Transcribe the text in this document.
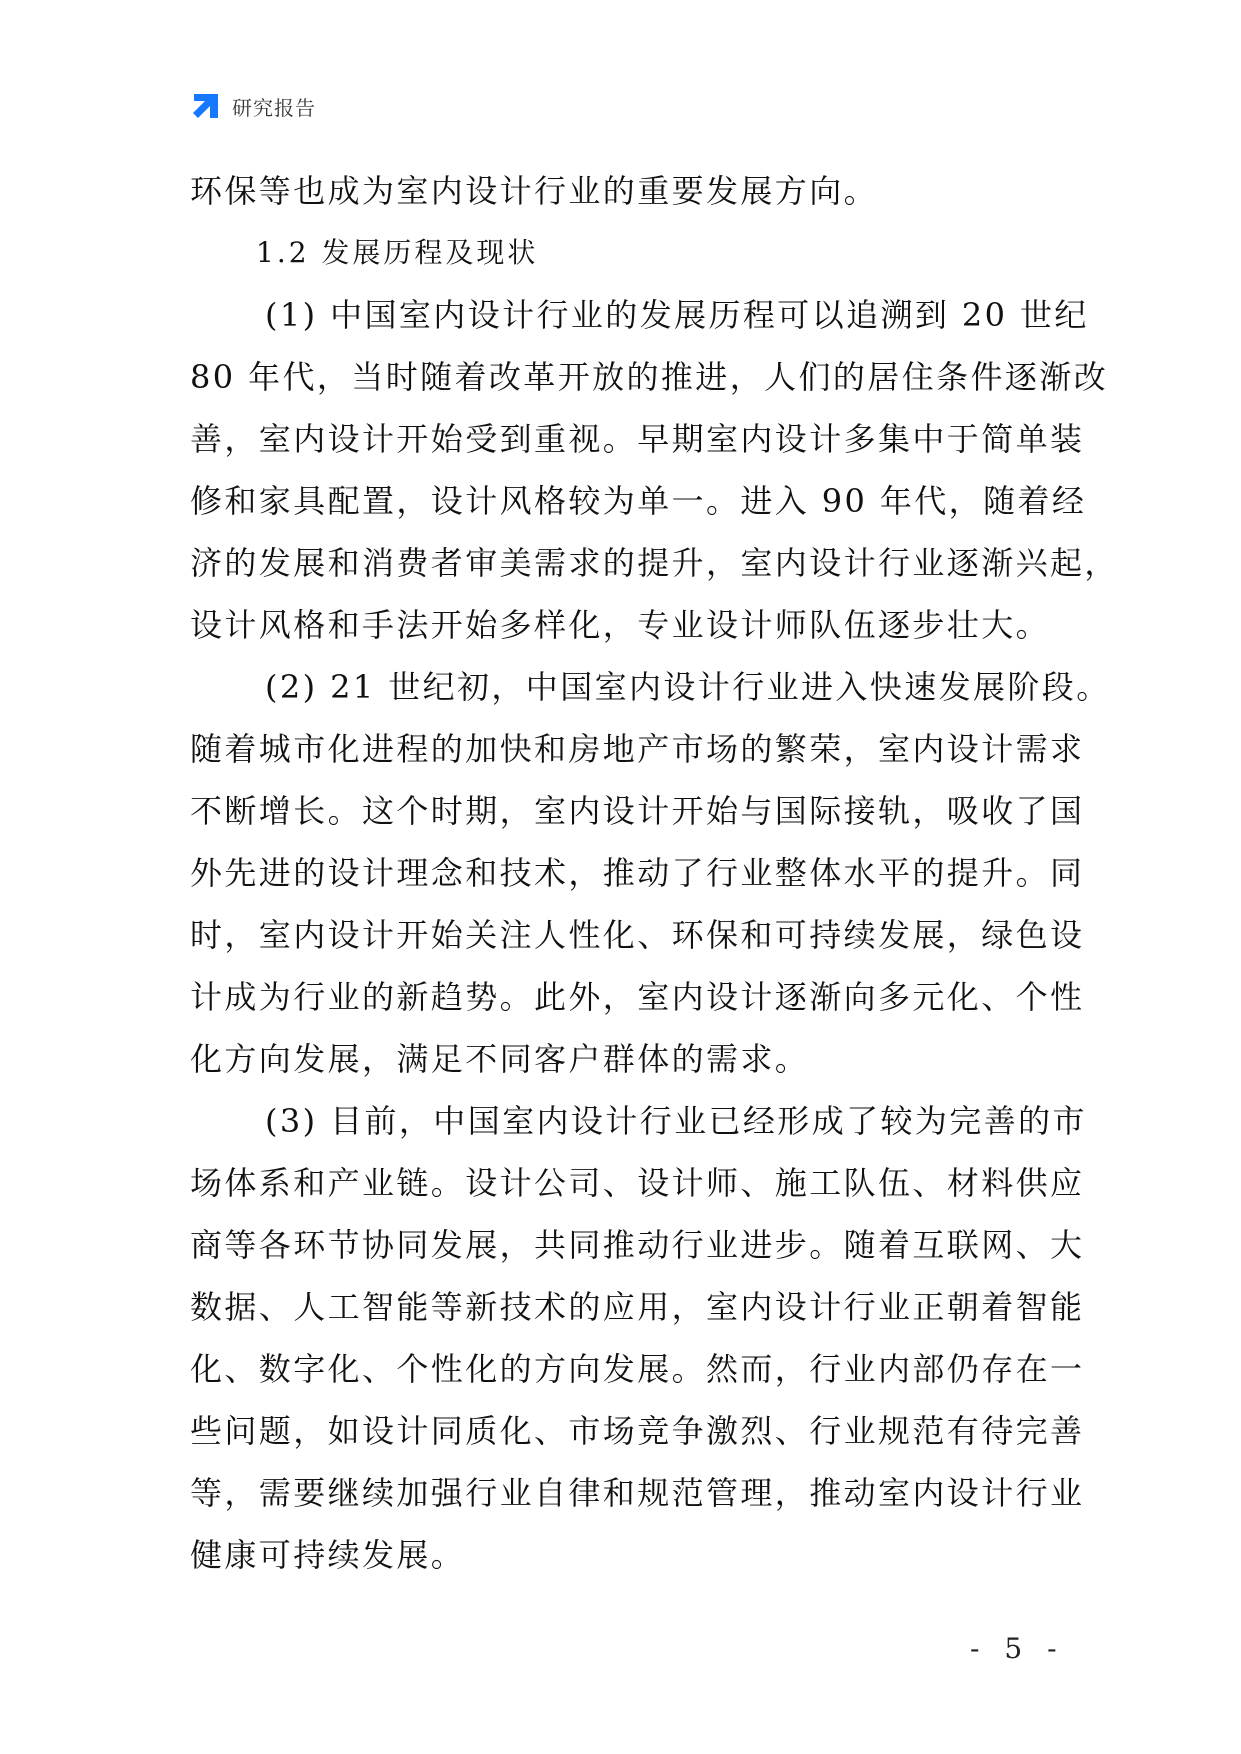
研究报告
环保等也成为室内设计行业的重要发展方向。
1.2 发展历程及现状
(1) 中国室内设计行业的发展历程可以追溯到 20 世纪
80 年代，当时随着改革开放的推进，人们的居住条件逐渐改
善，室内设计开始受到重视。早期室内设计多集中于简单装
修和家具配置，设计风格较为单一。进入 90 年代，随着经
济的发展和消费者审美需求的提升，室内设计行业逐渐兴起，
设计风格和手法开始多样化，专业设计师队伍逐步壮大。
(2) 21 世纪初，中国室内设计行业进入快速发展阶段。
随着城市化进程的加快和房地产市场的繁荣，室内设计需求
不断增长。这个时期，室内设计开始与国际接轨，吸收了国
外先进的设计理念和技术，推动了行业整体水平的提升。同
时，室内设计开始关注人性化、环保和可持续发展，绿色设
计成为行业的新趋势。此外，室内设计逐渐向多元化、个性
化方向发展，满足不同客户群体的需求。
(3) 目前，中国室内设计行业已经形成了较为完善的市
场体系和产业链。设计公司、设计师、施工队伍、材料供应
商等各环节协同发展，共同推动行业进步。随着互联网、大
数据、人工智能等新技术的应用，室内设计行业正朝着智能
化、数字化、个性化的方向发展。然而，行业内部仍存在一
些问题，如设计同质化、市场竞争激烈、行业规范有待完善
等，需要继续加强行业自律和规范管理，推动室内设计行业
健康可持续发展。
- 5 -
